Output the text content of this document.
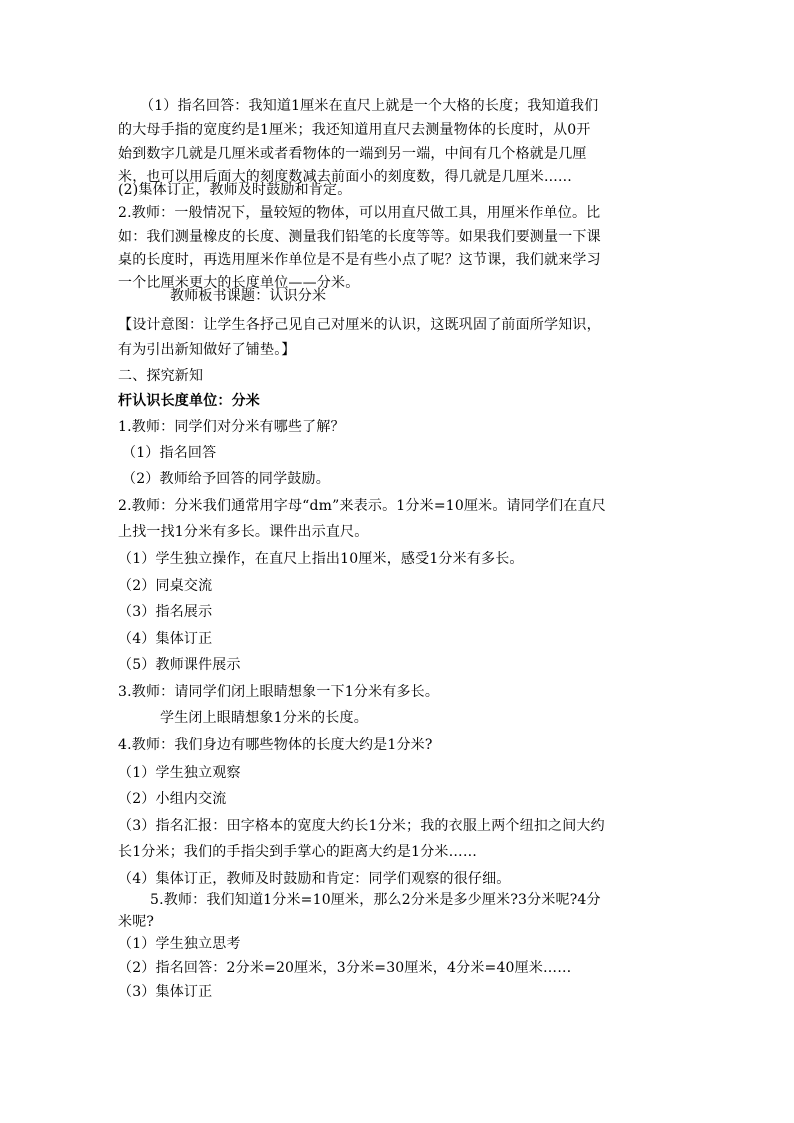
（1）指名回答：我知道1厘米在直尺上就是一个大格的长度；我知道我们
的大母手指的宽度约是1厘米；我还知道用直尺去测量物体的长度时，从0开
始到数字几就是几厘米或者看物体的一端到另一端，中间有几个格就是几厘
米，也可以用后面大的刻度数减去前面小的刻度数，得几就是几厘米......
(2)集体订正，教师及时鼓励和肯定。
2.教师：一般情况下，量较短的物体，可以用直尺做工具，用厘米作单位。比
如：我们测量橡皮的长度、测量我们铅笔的长度等等。如果我们要测量一下课
桌的长度时，再选用厘米作单位是不是有些小点了呢？这节课，我们就来学习
一个比厘米更大的长度单位——分米。
教师板书课题：认识分米
【设计意图：让学生各抒己见自己对厘米的认识，这既巩固了前面所学知识，
有为引出新知做好了铺垫。】
二、探究新知
杆认识长度单位：分米
1.教师：同学们对分米有哪些了解？
（1）指名回答
（2）教师给予回答的同学鼓励。
2.教师：分米我们通常用字母“dm”来表示。1分米=10厘米。请同学们在直尺
上找一找1分米有多长。课件出示直尺。
（1）学生独立操作，在直尺上指出10厘米，感受1分米有多长。
（2）同桌交流
（3）指名展示
（4）集体订正
（5）教师课件展示
3.教师：请同学们闭上眼睛想象一下1分米有多长。
学生闭上眼睛想象1分米的长度。
4.教师：我们身边有哪些物体的长度大约是1分米?
（1）学生独立观察
（2）小组内交流
（3）指名汇报：田字格本的宽度大约长1分米；我的衣服上两个纽扣之间大约
长1分米；我们的手指尖到手掌心的距离大约是1分米……
（4）集体订正，教师及时鼓励和肯定：同学们观察的很仔细。
5.教师：我们知道1分米=10厘米，那么2分米是多少厘米?3分米呢?4分
米呢?
（1）学生独立思考
（2）指名回答：2分米=20厘米，3分米=30厘米，4分米=40厘米……
（3）集体订正
